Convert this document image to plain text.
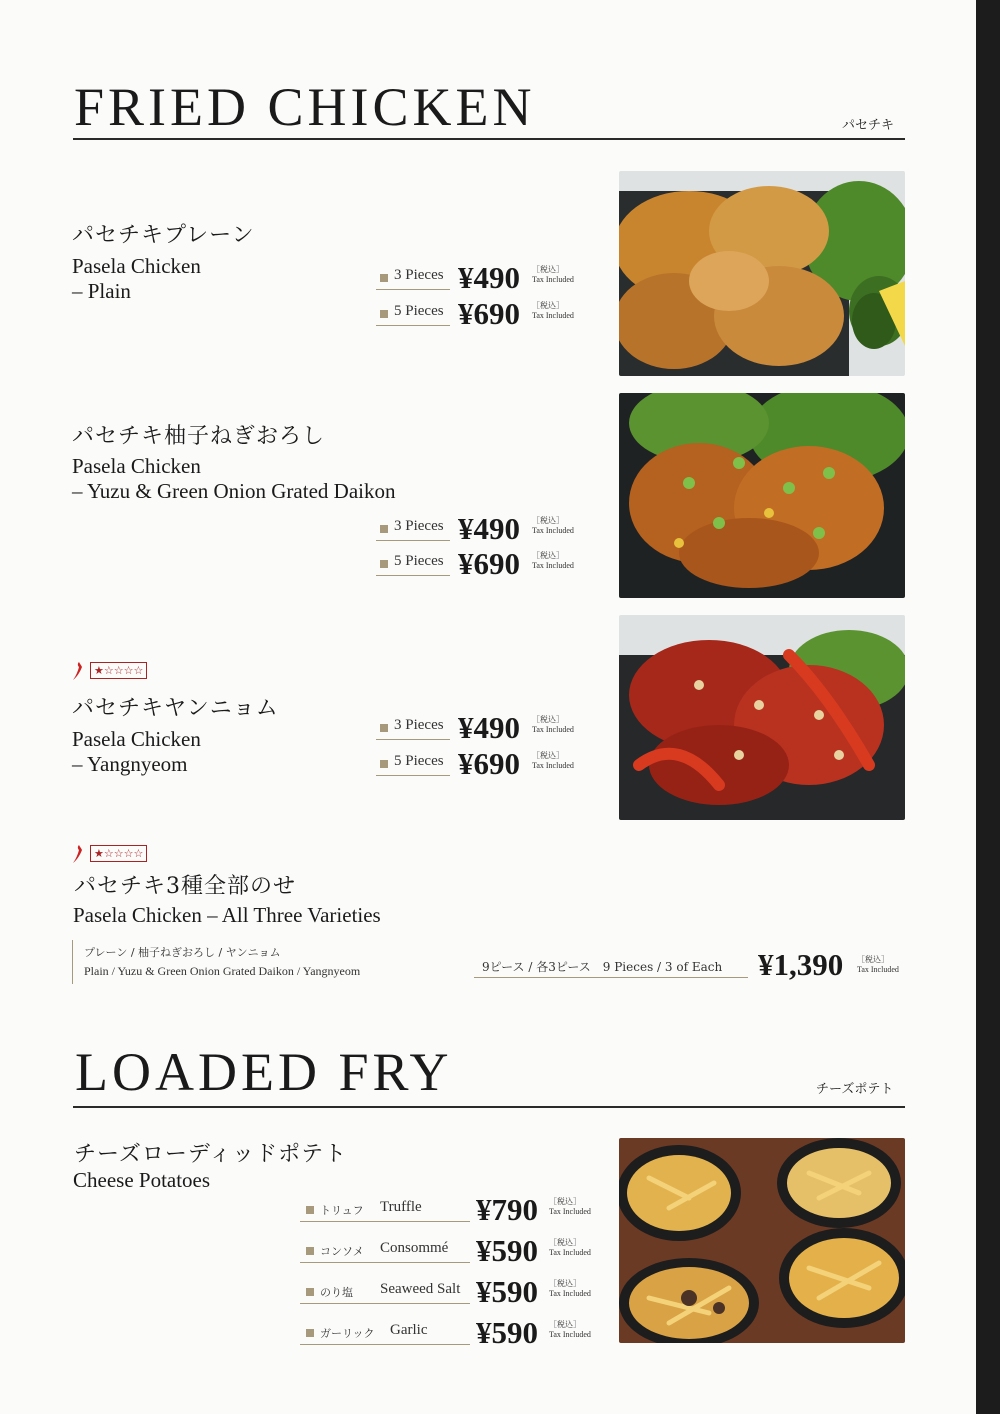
FRIED CHICKEN	パセチキ
パセチキプレーン
Pasela Chicken
– Plain
3 Pieces ¥490 ［税込］
Tax Included
5 Pieces ¥690 ［税込］
Tax Included
パセチキ柚子ねぎおろし
Pasela Chicken
– Yuzu & Green Onion Grated Daikon
3 Pieces ¥490 ［税込］
Tax Included
5 Pieces ¥690 ［税込］
Tax Included
★☆☆☆☆
パセチキヤンニョム
Pasela Chicken
– Yangnyeom
3 Pieces ¥490 ［税込］
Tax Included
5 Pieces ¥690 ［税込］
Tax Included
★☆☆☆☆
パセチキ3種全部のせ
Pasela Chicken – All Three Varieties
プレーン / 柚子ねぎおろし / ヤンニョム
Plain / Yuzu & Green Onion Grated Daikon / Yangnyeom	9ピース / 各3ピース　9 Pieces / 3 of Each ¥1,390 ［税込］
Tax Included
LOADED FRY	チーズポテト
チーズローディッドポテト
Cheese Potatoes
トリュフ Truffle ¥790 ［税込］
Tax Included
コンソメ Consommé ¥590 ［税込］
Tax Included
のり塩 Seaweed Salt ¥590 ［税込］
Tax Included
ガーリック Garlic ¥590 ［税込］
Tax Included
